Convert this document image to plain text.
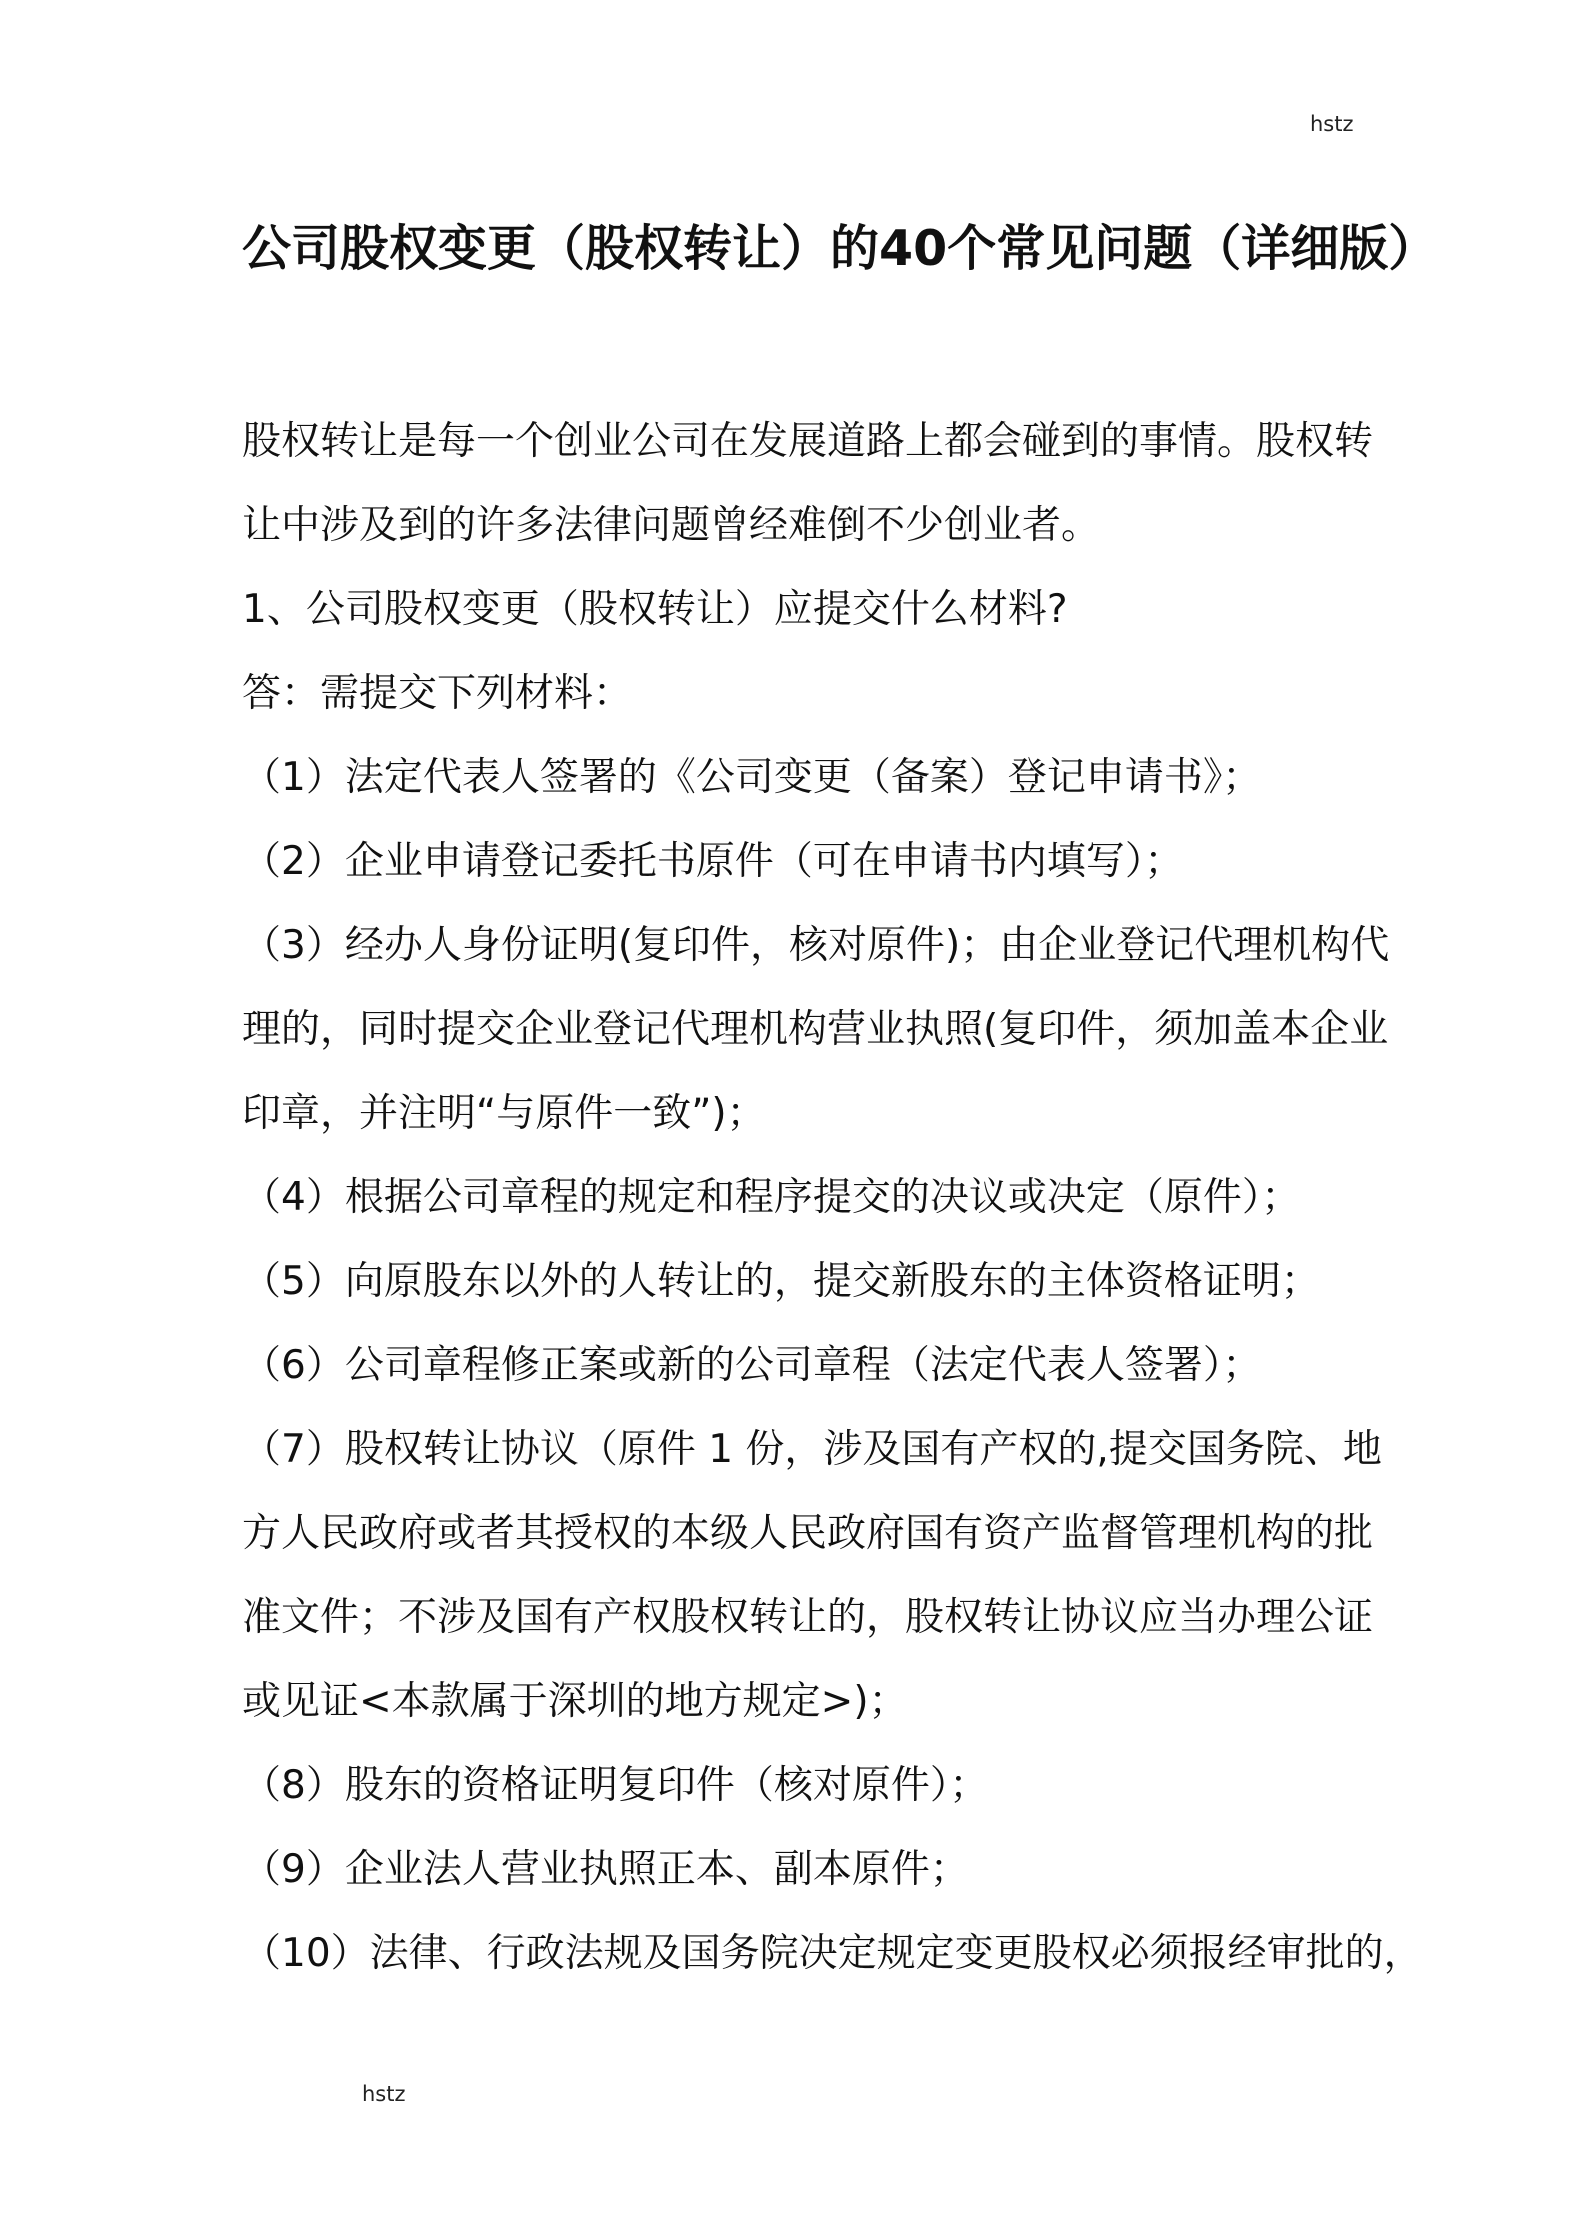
hstz
公司股权变更（股权转让）的40个常见问题（详细版）

股权转让是每一个创业公司在发展道路上都会碰到的事情。股权转

让中涉及到的许多法律问题曾经难倒不少创业者。

1、公司股权变更（股权转让）应提交什么材料?

答：需提交下列材料：

（1）法定代表人签署的《公司变更（备案）登记申请书》；

（2）企业申请登记委托书原件（可在申请书内填写）；

（3）经办人身份证明(复印件，核对原件)；由企业登记代理机构代

理的，同时提交企业登记代理机构营业执照(复印件，须加盖本企业

印章，并注明“与原件一致”)；

（4）根据公司章程的规定和程序提交的决议或决定（原件）；

（5）向原股东以外的人转让的，提交新股东的主体资格证明；

（6）公司章程修正案或新的公司章程（法定代表人签署）；

（7）股权转让协议（原件 1 份，涉及国有产权的,提交国务院、地

方人民政府或者其授权的本级人民政府国有资产监督管理机构的批

准文件；不涉及国有产权股权转让的，股权转让协议应当办理公证

或见证<本款属于深圳的地方规定>)；

（8）股东的资格证明复印件（核对原件）；

（9）企业法人营业执照正本、副本原件；

（10）法律、行政法规及国务院决定规定变更股权必须报经审批的，

hstz
